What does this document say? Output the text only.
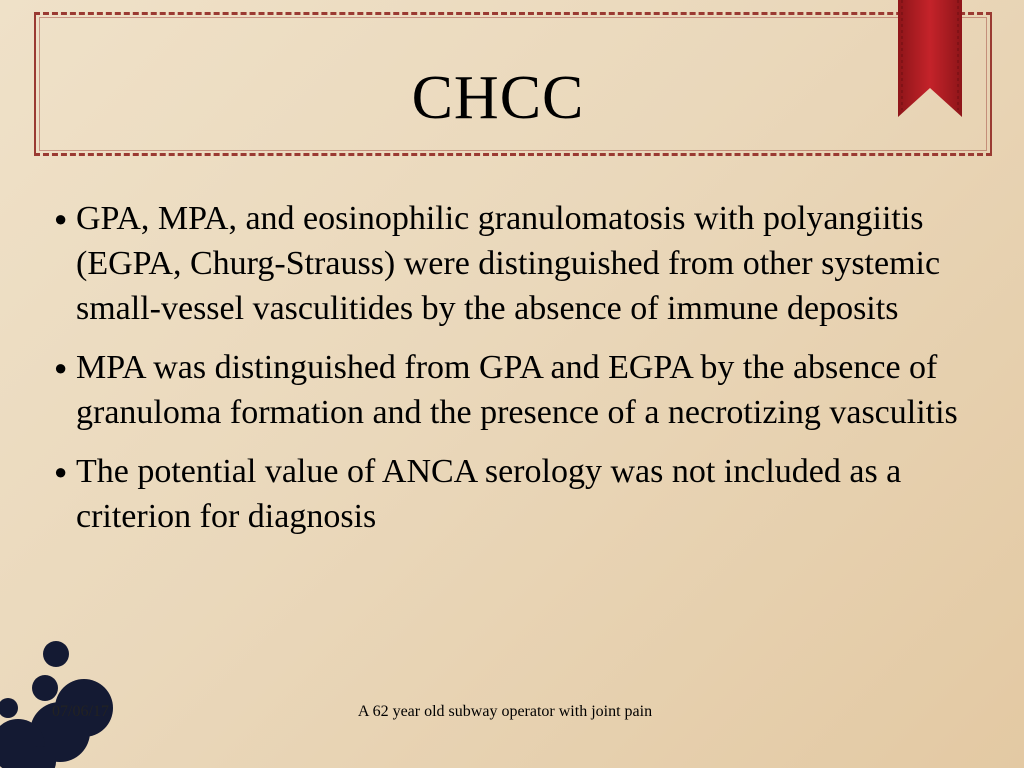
CHCC
● GPA, MPA, and eosinophilic granulomatosis with polyangiitis (EGPA, Churg-Strauss) were distinguished from other systemic small-vessel vasculitides by the absence of immune deposits
● MPA was distinguished from GPA and EGPA by the absence of granuloma formation and the presence of a necrotizing vasculitis
● The potential value of ANCA serology was not included as a criterion for diagnosis
07/06/17	A 62 year old subway operator with joint pain
